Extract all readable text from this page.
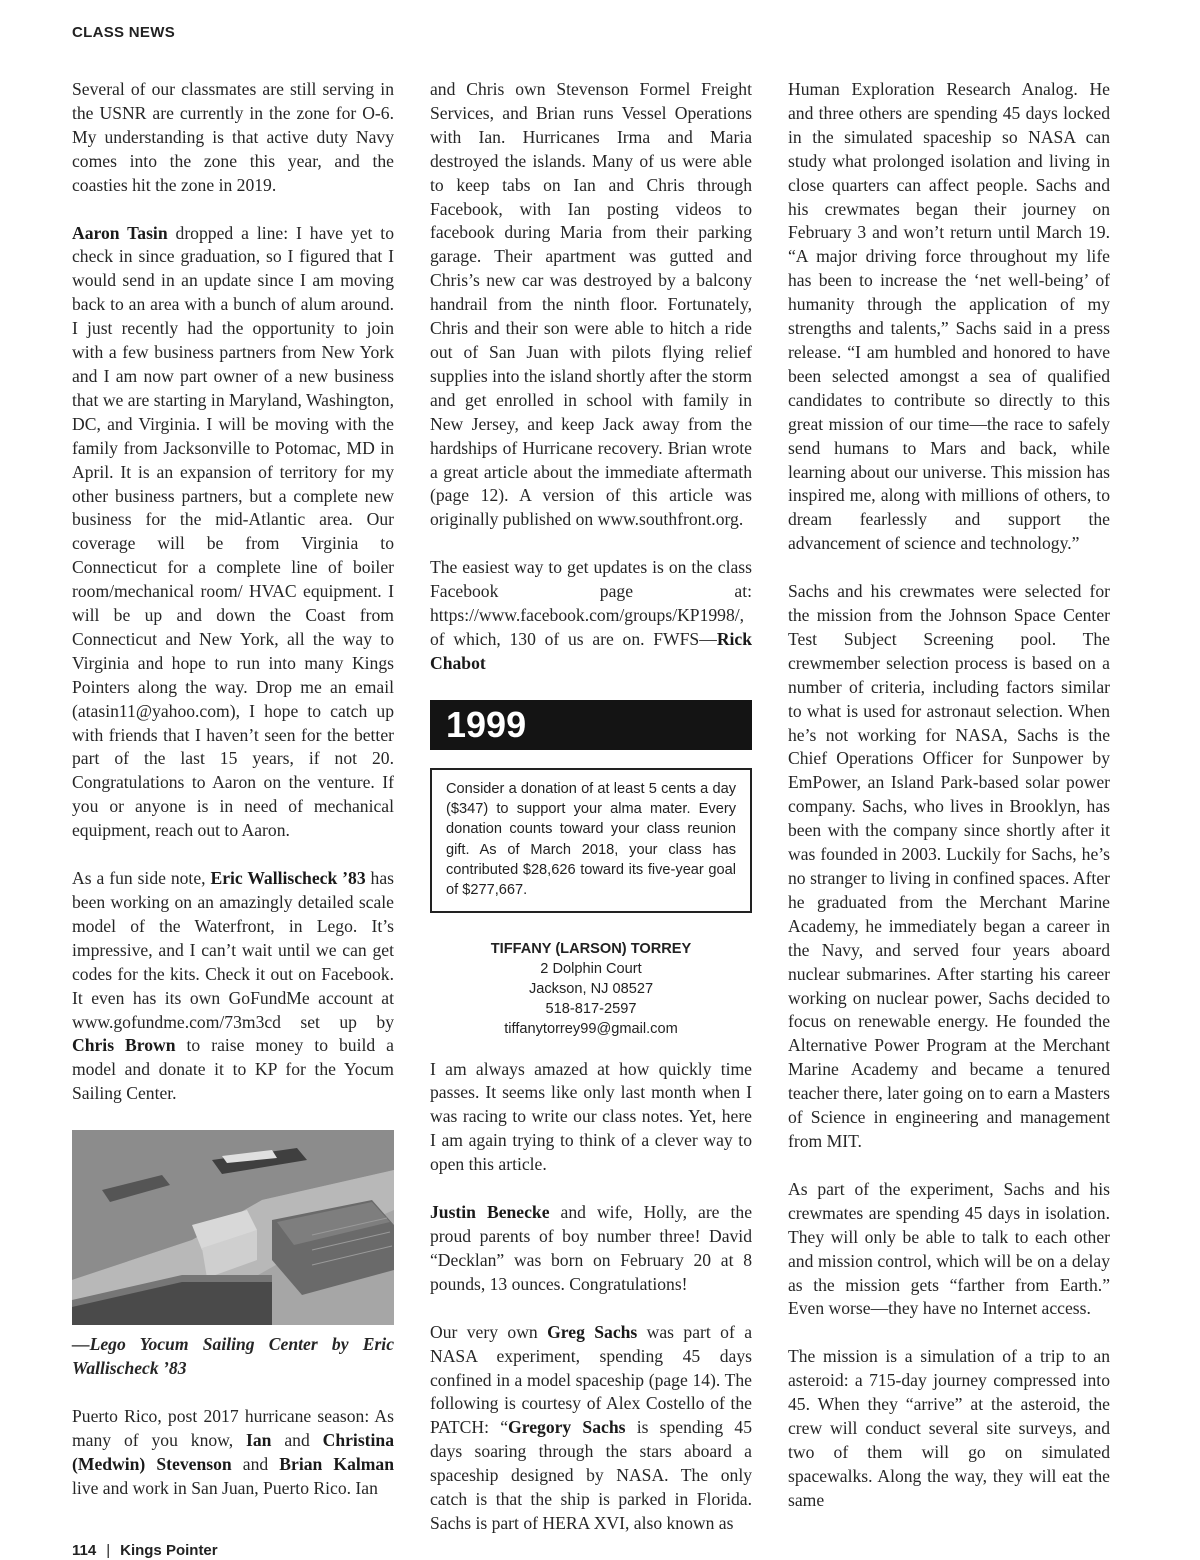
CLASS NEWS

Several of our classmates are still serving in the USNR are currently in the zone for O-6. My understanding is that active duty Navy comes into the zone this year, and the coasties hit the zone in 2019.

Aaron Tasin dropped a line: I have yet to check in since graduation, so I figured that I would send in an update since I am moving back to an area with a bunch of alum around. I just recently had the opportunity to join with a few business partners from New York and I am now part owner of a new business that we are starting in Maryland, Washington, DC, and Virginia. I will be moving with the family from Jacksonville to Potomac, MD in April. It is an expansion of territory for my other business partners, but a complete new business for the mid-Atlantic area. Our coverage will be from Virginia to Connecticut for a complete line of boiler room/mechanical room/ HVAC equipment. I will be up and down the Coast from Connecticut and New York, all the way to Virginia and hope to run into many Kings Pointers along the way. Drop me an email (atasin11@yahoo.com), I hope to catch up with friends that I haven’t seen for the better part of the last 15 years, if not 20. Congratulations to Aaron on the venture. If you or anyone is in need of mechanical equipment, reach out to Aaron.

As a fun side note, Eric Wallischeck ’83 has been working on an amazingly detailed scale model of the Waterfront, in Lego. It’s impressive, and I can’t wait until we can get codes for the kits. Check it out on Facebook. It even has its own GoFundMe account at www.gofundme.com/73m3cd set up by Chris Brown to raise money to build a model and donate it to KP for the Yocum Sailing Center.

—Lego Yocum Sailing Center by Eric Wallischeck ’83

Puerto Rico, post 2017 hurricane season: As many of you know, Ian and Christina (Medwin) Stevenson and Brian Kalman live and work in San Juan, Puerto Rico. Ian

and Chris own Stevenson Formel Freight Services, and Brian runs Vessel Operations with Ian. Hurricanes Irma and Maria destroyed the islands. Many of us were able to keep tabs on Ian and Chris through Facebook, with Ian posting videos to facebook during Maria from their parking garage. Their apartment was gutted and Chris’s new car was destroyed by a balcony handrail from the ninth floor. Fortunately, Chris and their son were able to hitch a ride out of San Juan with pilots flying relief supplies into the island shortly after the storm and get enrolled in school with family in New Jersey, and keep Jack away from the hardships of Hurricane recovery. Brian wrote a great article about the immediate aftermath (page 12). A version of this article was originally published on www.southfront.org.

The easiest way to get updates is on the class Facebook page at: https://www.facebook.com/groups/KP1998/, of which, 130 of us are on. FWFS—Rick Chabot

1999
Consider a donation of at least 5 cents a day ($347) to support your alma mater. Every donation counts toward your class reunion gift. As of March 2018, your class has contributed $28,626 toward its five-year goal of $277,667.
TIFFANY (LARSON) TORREY
2 Dolphin Court
Jackson, NJ 08527
518-817-2597
tiffanytorrey99@gmail.com

I am always amazed at how quickly time passes. It seems like only last month when I was racing to write our class notes. Yet, here I am again trying to think of a clever way to open this article.

Justin Benecke and wife, Holly, are the proud parents of boy number three! David “Decklan” was born on February 20 at 8 pounds, 13 ounces. Congratulations!

Our very own Greg Sachs was part of a NASA experiment, spending 45 days confined in a model spaceship (page 14). The following is courtesy of Alex Costello of the PATCH: “Gregory Sachs is spending 45 days soaring through the stars aboard a spaceship designed by NASA. The only catch is that the ship is parked in Florida. Sachs is part of HERA XVI, also known as

Human Exploration Research Analog. He and three others are spending 45 days locked in the simulated spaceship so NASA can study what prolonged isolation and living in close quarters can affect people. Sachs and his crewmates began their journey on February 3 and won’t return until March 19. “A major driving force throughout my life has been to increase the ‘net well-being’ of humanity through the application of my strengths and talents,” Sachs said in a press release. “I am humbled and honored to have been selected amongst a sea of qualified candidates to contribute so directly to this great mission of our time—the race to safely send humans to Mars and back, while learning about our universe. This mission has inspired me, along with millions of others, to dream fearlessly and support the advancement of science and technology.”

Sachs and his crewmates were selected for the mission from the Johnson Space Center Test Subject Screening pool. The crewmember selection process is based on a number of criteria, including factors similar to what is used for astronaut selection. When he’s not working for NASA, Sachs is the Chief Operations Officer for Sunpower by EmPower, an Island Park-based solar power company. Sachs, who lives in Brooklyn, has been with the company since shortly after it was founded in 2003. Luckily for Sachs, he’s no stranger to living in confined spaces. After he graduated from the Merchant Marine Academy, he immediately began a career in the Navy, and served four years aboard nuclear submarines. After starting his career working on nuclear power, Sachs decided to focus on renewable energy. He founded the Alternative Power Program at the Merchant Marine Academy and became a tenured teacher there, later going on to earn a Masters of Science in engineering and management from MIT.

As part of the experiment, Sachs and his crewmates are spending 45 days in isolation. They will only be able to talk to each other and mission control, which will be on a delay as the mission gets “farther from Earth.” Even worse—they have no Internet access.

The mission is a simulation of a trip to an asteroid: a 715-day journey compressed into 45. When they “arrive” at the asteroid, the crew will conduct several site surveys, and two of them will go on simulated spacewalks. Along the way, they will eat the same

114 | Kings Pointer
